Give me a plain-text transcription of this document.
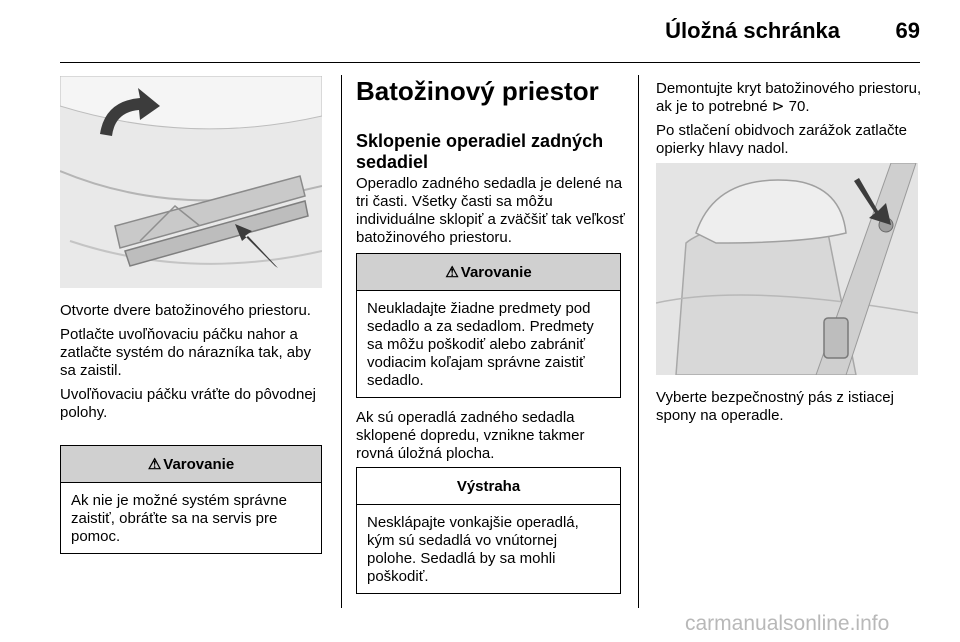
Úložná schránka	69

Otvorte dvere batožinového priestoru.

Potlačte uvoľňovaciu páčku nahor a zatlačte systém do nárazníka tak, aby sa zaistil.

Uvoľňovaciu páčku vráťte do pôvodnej polohy.

⚠ Varovanie
Ak nie je možné systém správne zaistiť, obráťte sa na servis pre pomoc.
Batožinový priestor
Sklopenie operadiel zadných sedadiel
Operadlo zadného sedadla je delené na tri časti. Všetky časti sa môžu individuálne sklopiť a zväčšiť tak veľkosť batožinového priestoru.
⚠ Varovanie
Neukladajte žiadne predmety pod sedadlo a za sedadlom. Predmety sa môžu poškodiť alebo zabrániť vodiacim koľajam správne zaistiť sedadlo.
Ak sú operadlá zadného sedadla sklopené dopredu, vznikne takmer rovná úložná plocha.
Výstraha
Nesklápajte vonkajšie operadlá, kým sú sedadlá vo vnútornej polohe. Sedadlá by sa mohli poškodiť.
Demontujte kryt batožinového priestoru, ak je to potrebné ⊳ 70.
Po stlačení obidvoch zarážok zatlačte opierky hlavy nadol.
Vyberte bezpečnostný pás z istiacej spony na operadle.
carmanualsonline.info
